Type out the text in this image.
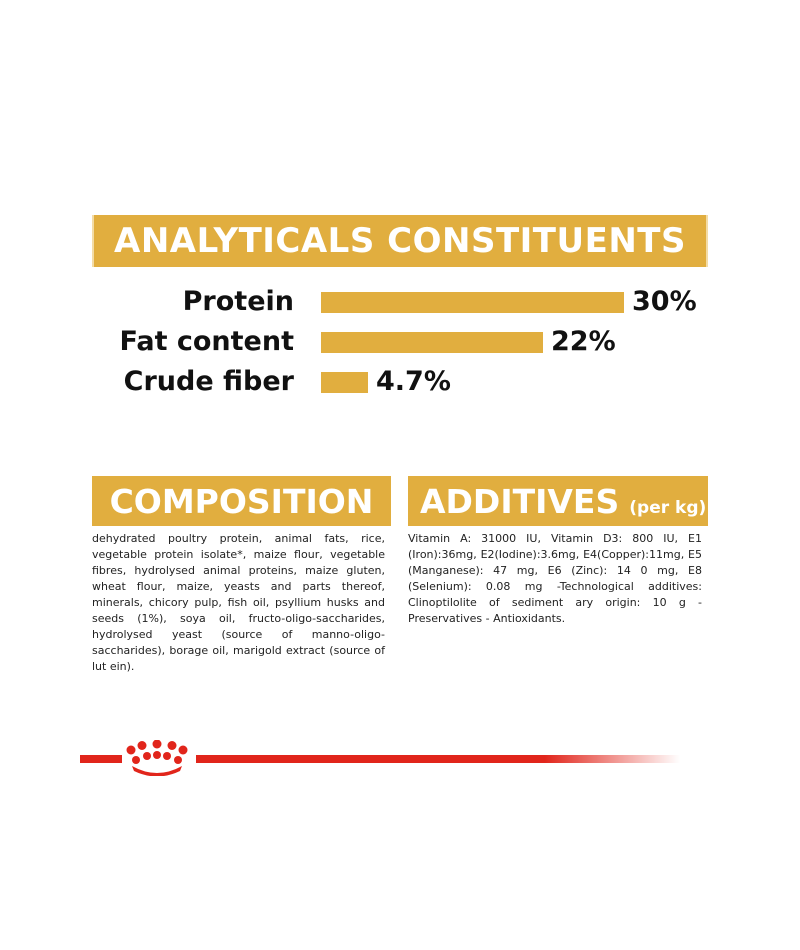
ANALYTICALS CONSTITUENTS
Protein	30%
Fat content	22%
Crude fiber	4.7%
COMPOSITION
dehydrated poultry protein, animal fats, rice, vegetable protein isolate*, maize flour, vegetable fibres, hydrolysed animal proteins, maize gluten, wheat flour, maize, yeasts and parts thereof, minerals, chicory pulp, fish oil, psyllium husks and seeds (1%), soya oil, fructo-oligo-saccharides, hydrolysed yeast (source of manno-oligo-saccharides), borage oil, marigold extract (source of lut ein).
ADDITIVES (per kg)
Vitamin A: 31000 IU, Vitamin D3: 800 IU, E1 (Iron):36mg, E2(Iodine):3.6mg, E4(Copper):11mg, E5 (Manganese): 47 mg, E6 (Zinc): 14 0 mg, E8 (Selenium): 0.08 mg -Technological additives: Clinoptilolite of sediment ary origin: 10 g - Preservatives - Antioxidants.
